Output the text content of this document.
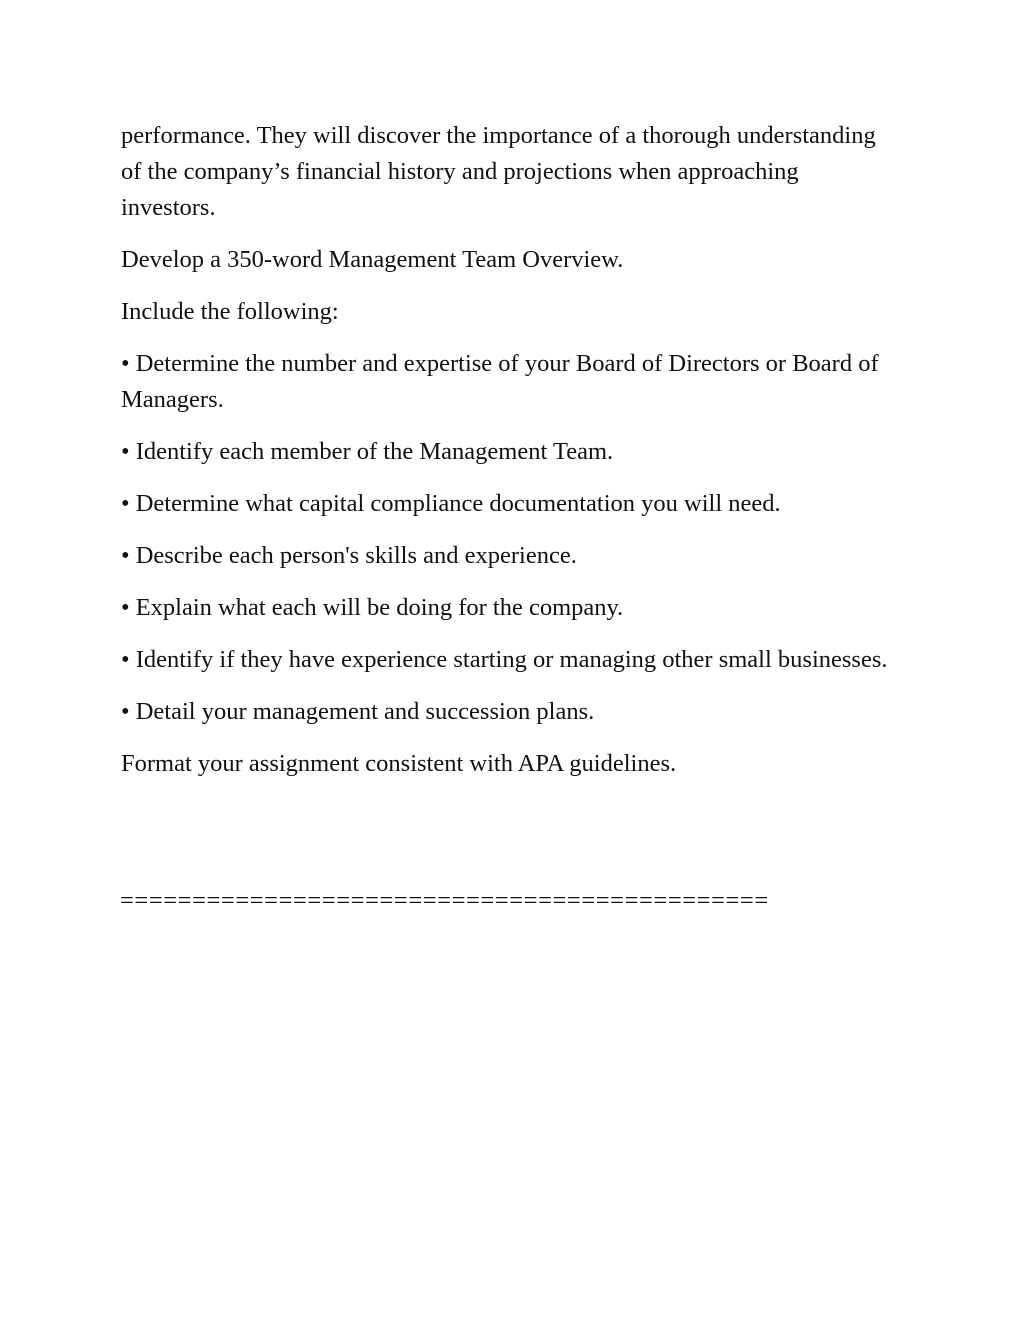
performance. They will discover the importance of a thorough understanding of the company’s financial history and projections when approaching investors.

Develop a 350-word Management Team Overview.

Include the following:

• Determine the number and expertise of your Board of Directors or Board of Managers.

• Identify each member of the Management Team.

• Determine what capital compliance documentation you will need.

• Describe each person's skills and experience.

• Explain what each will be doing for the company.

• Identify if they have experience starting or managing other small businesses.

• Detail your management and succession plans.

Format your assignment consistent with APA guidelines.

=============================================
